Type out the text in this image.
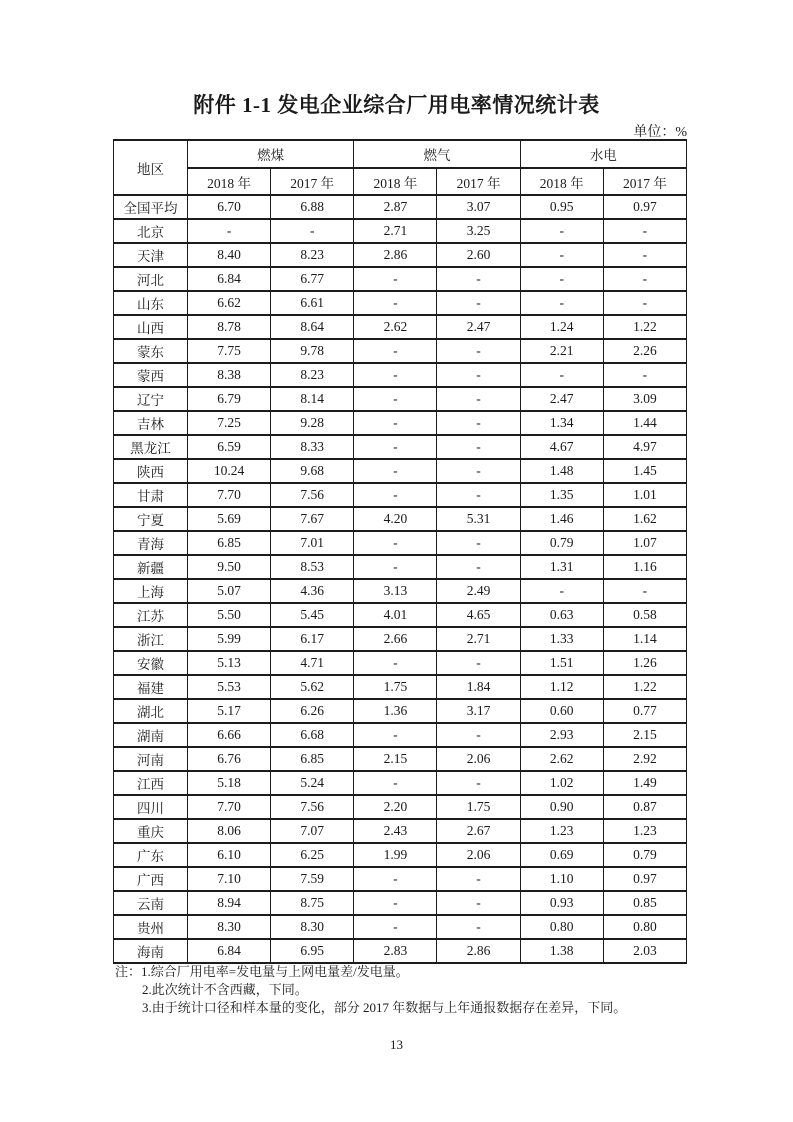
附件 1-1 发电企业综合厂用电率情况统计表
单位：%
地区	燃煤		燃气		水电	
	2018 年	2017 年	2018 年	2017 年	2018 年	2017 年
全国平均	6.70	6.88	2.87	3.07	0.95	0.97
北京	-	-	2.71	3.25	-	-
天津	8.40	8.23	2.86	2.60	-	-
河北	6.84	6.77	-	-	-	-
山东	6.62	6.61	-	-	-	-
山西	8.78	8.64	2.62	2.47	1.24	1.22
蒙东	7.75	9.78	-	-	2.21	2.26
蒙西	8.38	8.23	-	-	-	-
辽宁	6.79	8.14	-	-	2.47	3.09
吉林	7.25	9.28	-	-	1.34	1.44
黑龙江	6.59	8.33	-	-	4.67	4.97
陕西	10.24	9.68	-	-	1.48	1.45
甘肃	7.70	7.56	-	-	1.35	1.01
宁夏	5.69	7.67	4.20	5.31	1.46	1.62
青海	6.85	7.01	-	-	0.79	1.07
新疆	9.50	8.53	-	-	1.31	1.16
上海	5.07	4.36	3.13	2.49	-	-
江苏	5.50	5.45	4.01	4.65	0.63	0.58
浙江	5.99	6.17	2.66	2.71	1.33	1.14
安徽	5.13	4.71	-	-	1.51	1.26
福建	5.53	5.62	1.75	1.84	1.12	1.22
湖北	5.17	6.26	1.36	3.17	0.60	0.77
湖南	6.66	6.68	-	-	2.93	2.15
河南	6.76	6.85	2.15	2.06	2.62	2.92
江西	5.18	5.24	-	-	1.02	1.49
四川	7.70	7.56	2.20	1.75	0.90	0.87
重庆	8.06	7.07	2.43	2.67	1.23	1.23
广东	6.10	6.25	1.99	2.06	0.69	0.79
广西	7.10	7.59	-	-	1.10	0.97
云南	8.94	8.75	-	-	0.93	0.85
贵州	8.30	8.30	-	-	0.80	0.80
海南	6.84	6.95	2.83	2.86	1.38	2.03
注： 1.综合厂用电率=发电量与上网电量差/发电量。
2.此次统计不含西藏，下同。
3.由于统计口径和样本量的变化，部分 2017 年数据与上年通报数据存在差异，下同。
13
